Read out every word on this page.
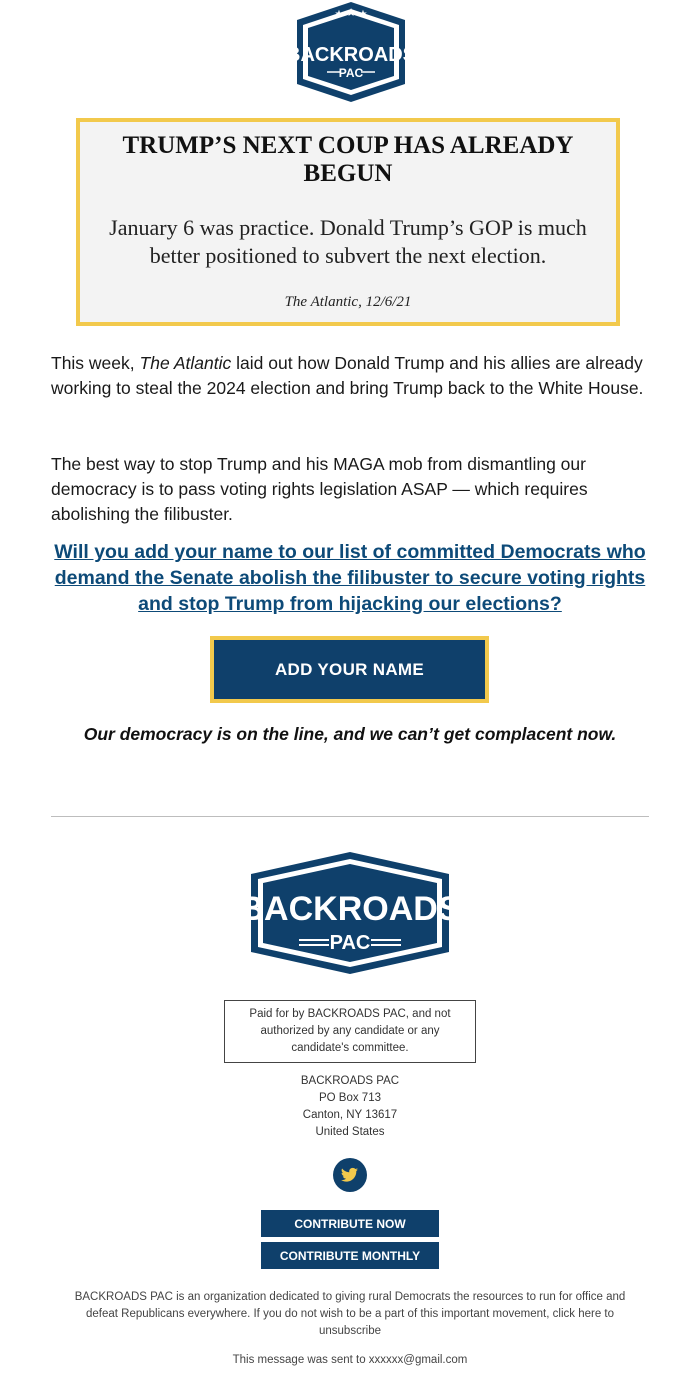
★ ★ ★
BACKROADS
PAC
TRUMP’S NEXT COUP HAS ALREADY BEGUN
January 6 was practice. Donald Trump’s GOP is much better positioned to subvert the next election.
The Atlantic, 12/6/21
This week, The Atlantic laid out how Donald Trump and his allies are already working to steal the 2024 election and bring Trump back to the White House.
The best way to stop Trump and his MAGA mob from dismantling our democracy is to pass voting rights legislation ASAP — which requires abolishing the filibuster.
Will you add your name to our list of committed Democrats who demand the Senate abolish the filibuster to secure voting rights and stop Trump from hijacking our elections?
ADD YOUR NAME
Our democracy is on the line, and we can’t get complacent now.
BACKROADS
PAC
Paid for by BACKROADS PAC, and not authorized by any candidate or any candidate's committee.
BACKROADS PAC
PO Box 713
Canton, NY 13617
United States
CONTRIBUTE NOW
CONTRIBUTE MONTHLY
BACKROADS PAC is an organization dedicated to giving rural Democrats the resources to run for office and defeat Republicans everywhere. If you do not wish to be a part of this important movement, click here to unsubscribe
This message was sent to xxxxxx@gmail.com
